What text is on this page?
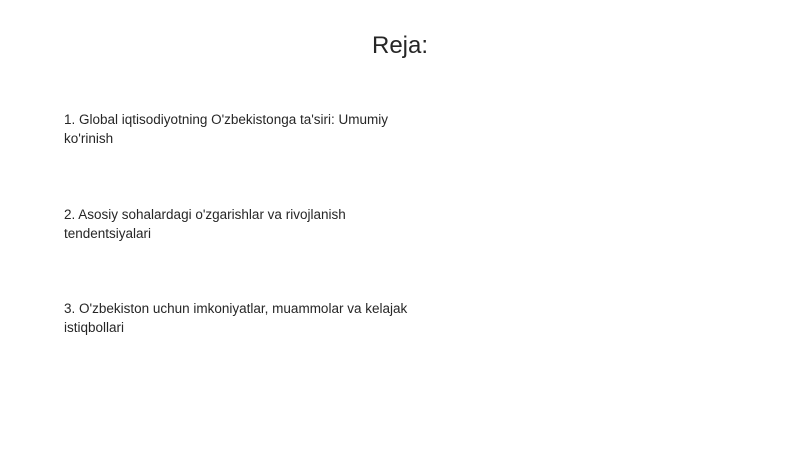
Reja:
1. Global iqtisodiyotning O'zbekistonga ta'siri: Umumiy ko'rinish
2. Asosiy sohalardagi o'zgarishlar va rivojlanish tendentsiyalari
3. O'zbekiston uchun imkoniyatlar, muammolar va kelajak istiqbollari
